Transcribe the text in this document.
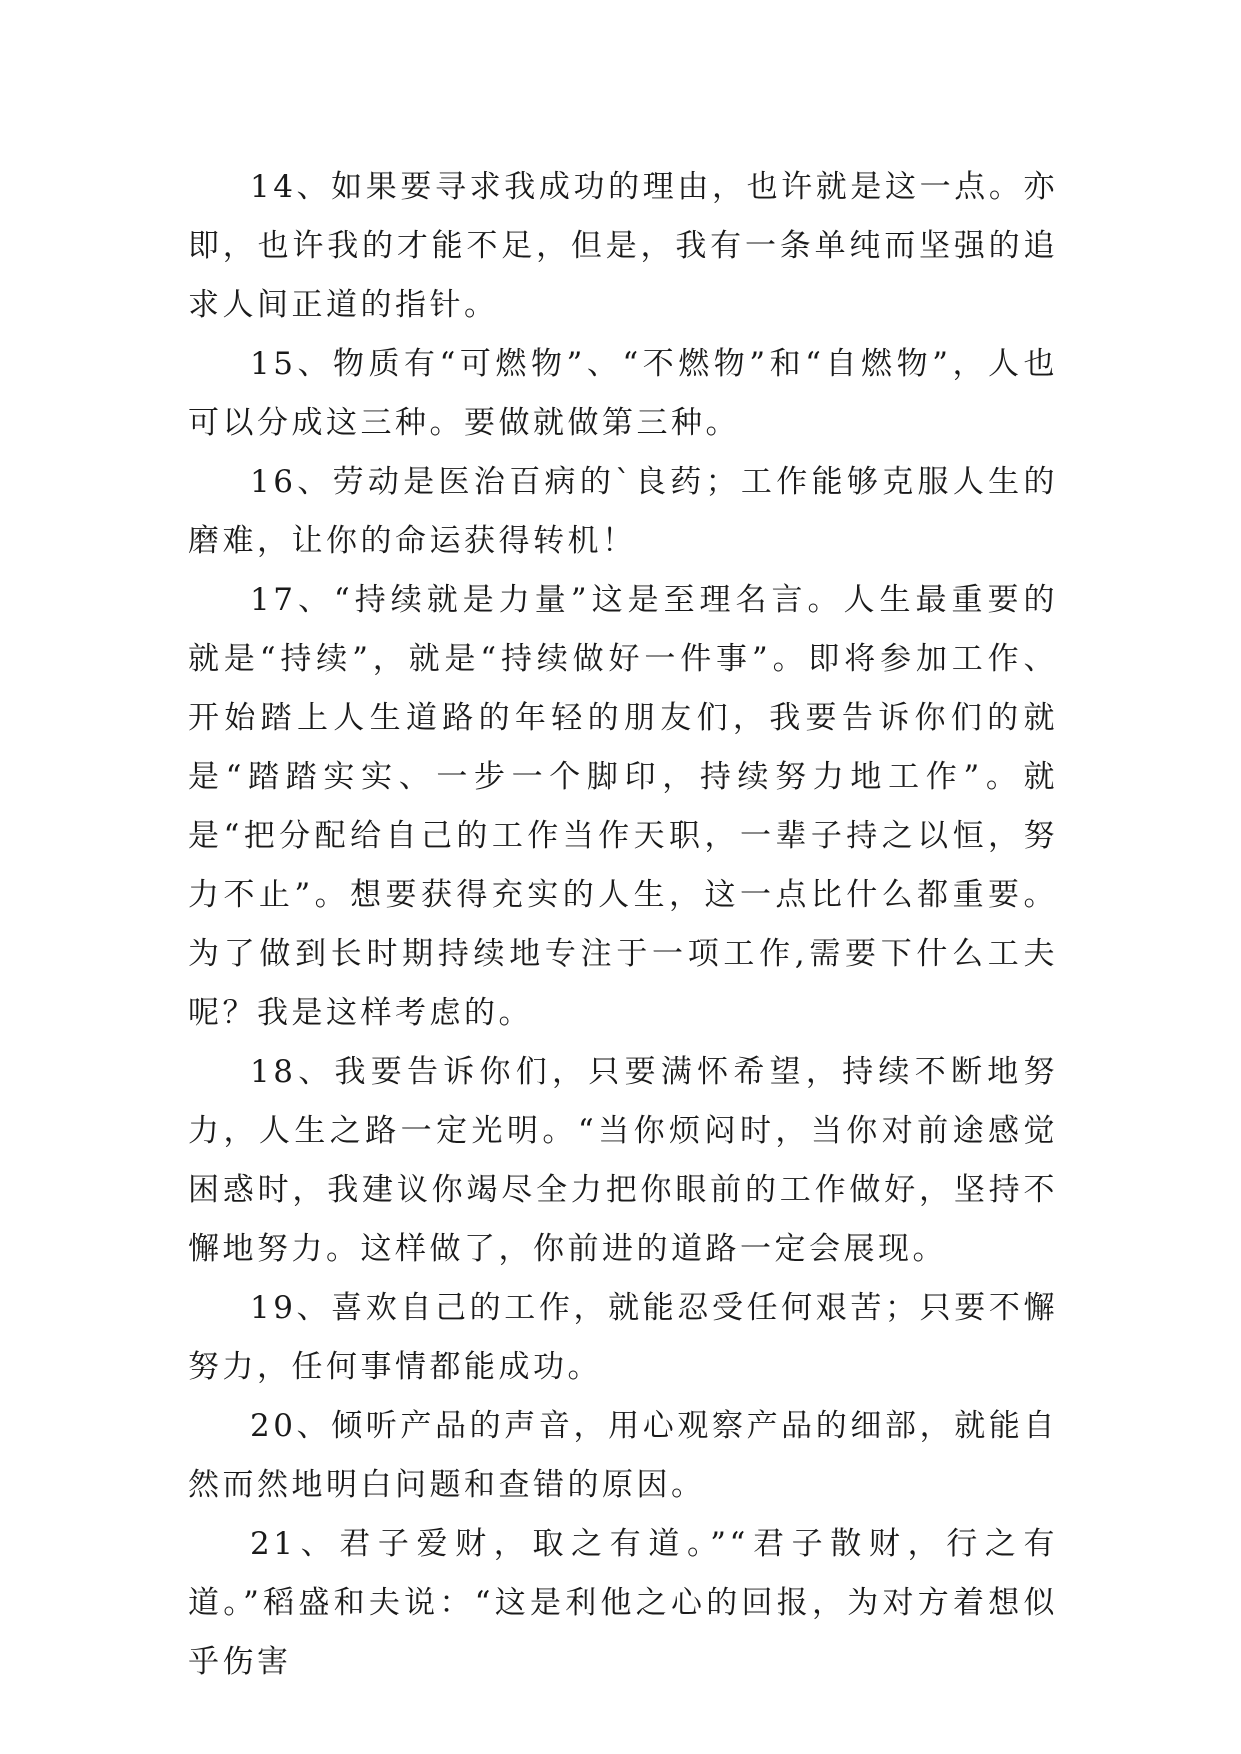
14、如果要寻求我成功的理由，也许就是这一点。亦即，也许我的才能不足，但是，我有一条单纯而坚强的追求人间正道的指针。

15、物质有“可燃物”、“不燃物”和“自燃物”，人也可以分成这三种。要做就做第三种。

16、劳动是医治百病的`良药；工作能够克服人生的磨难，让你的命运获得转机！

17、“持续就是力量”这是至理名言。人生最重要的就是“持续”，就是“持续做好一件事”。即将参加工作、开始踏上人生道路的年轻的朋友们，我要告诉你们的就是“踏踏实实、一步一个脚印，持续努力地工作”。就是“把分配给自己的工作当作天职，一辈子持之以恒，努力不止”。想要获得充实的人生，这一点比什么都重要。为了做到长时期持续地专注于一项工作,需要下什么工夫呢？我是这样考虑的。

18、我要告诉你们，只要满怀希望，持续不断地努力，人生之路一定光明。“当你烦闷时，当你对前途感觉困惑时，我建议你竭尽全力把你眼前的工作做好，坚持不懈地努力。这样做了，你前进的道路一定会展现。

19、喜欢自己的工作，就能忍受任何艰苦；只要不懈努力，任何事情都能成功。

20、倾听产品的声音，用心观察产品的细部，就能自然而然地明白问题和查错的原因。

21、君子爱财，取之有道。”“君子散财，行之有道。”稻盛和夫说：“这是利他之心的回报，为对方着想似乎伤害
